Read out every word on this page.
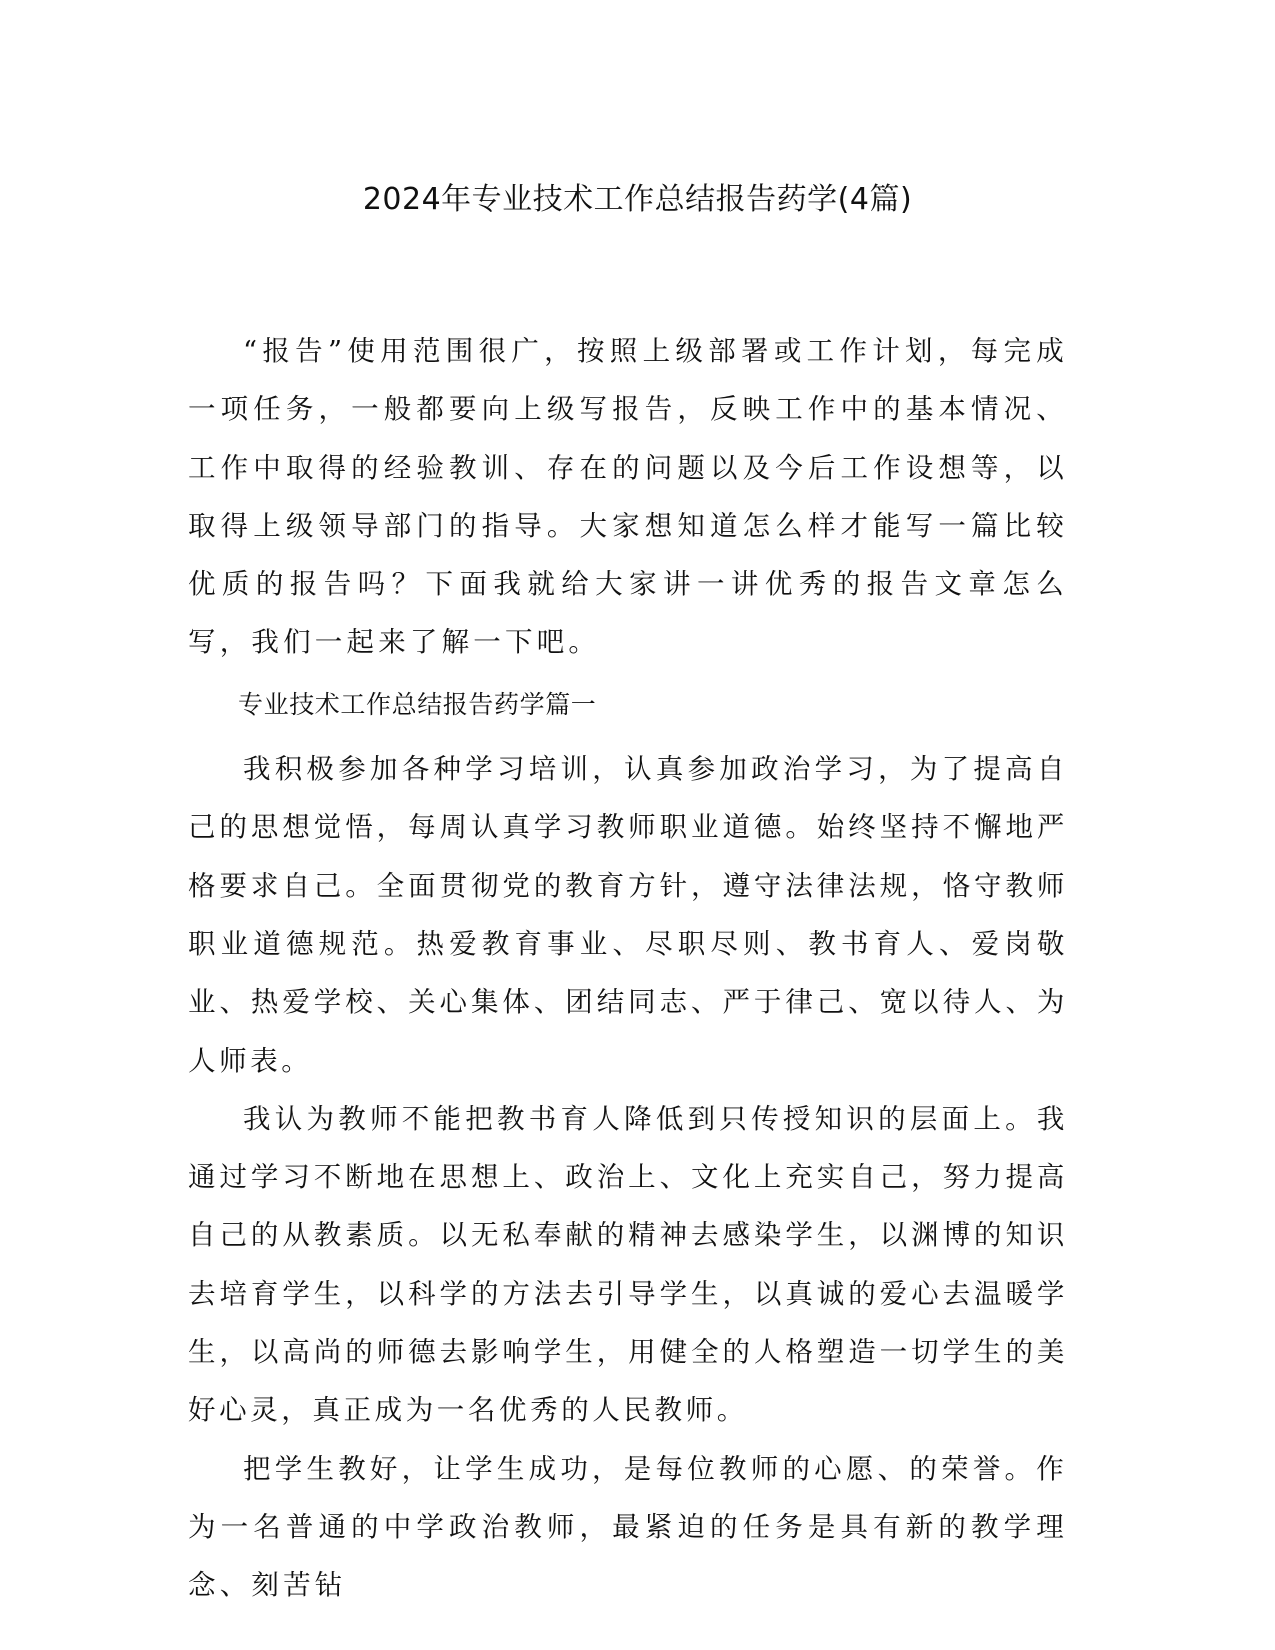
2024年专业技术工作总结报告药学(4篇)

“报告”使用范围很广，按照上级部署或工作计划，每完成一项任务，一般都要向上级写报告，反映工作中的基本情况、工作中取得的经验教训、存在的问题以及今后工作设想等，以取得上级领导部门的指导。大家想知道怎么样才能写一篇比较优质的报告吗？下面我就给大家讲一讲优秀的报告文章怎么写，我们一起来了解一下吧。

专业技术工作总结报告药学篇一

我积极参加各种学习培训，认真参加政治学习，为了提高自己的思想觉悟，每周认真学习教师职业道德。始终坚持不懈地严格要求自己。全面贯彻党的教育方针，遵守法律法规，恪守教师职业道德规范。热爱教育事业、尽职尽则、教书育人、爱岗敬业、热爱学校、关心集体、团结同志、严于律己、宽以待人、为人师表。

我认为教师不能把教书育人降低到只传授知识的层面上。我通过学习不断地在思想上、政治上、文化上充实自己，努力提高自己的从教素质。以无私奉献的精神去感染学生，以渊博的知识去培育学生，以科学的方法去引导学生，以真诚的爱心去温暖学生，以高尚的师德去影响学生，用健全的人格塑造一切学生的美好心灵，真正成为一名优秀的人民教师。

把学生教好，让学生成功，是每位教师的心愿、的荣誉。作为一名普通的中学政治教师，最紧迫的任务是具有新的教学理念、刻苦钻
